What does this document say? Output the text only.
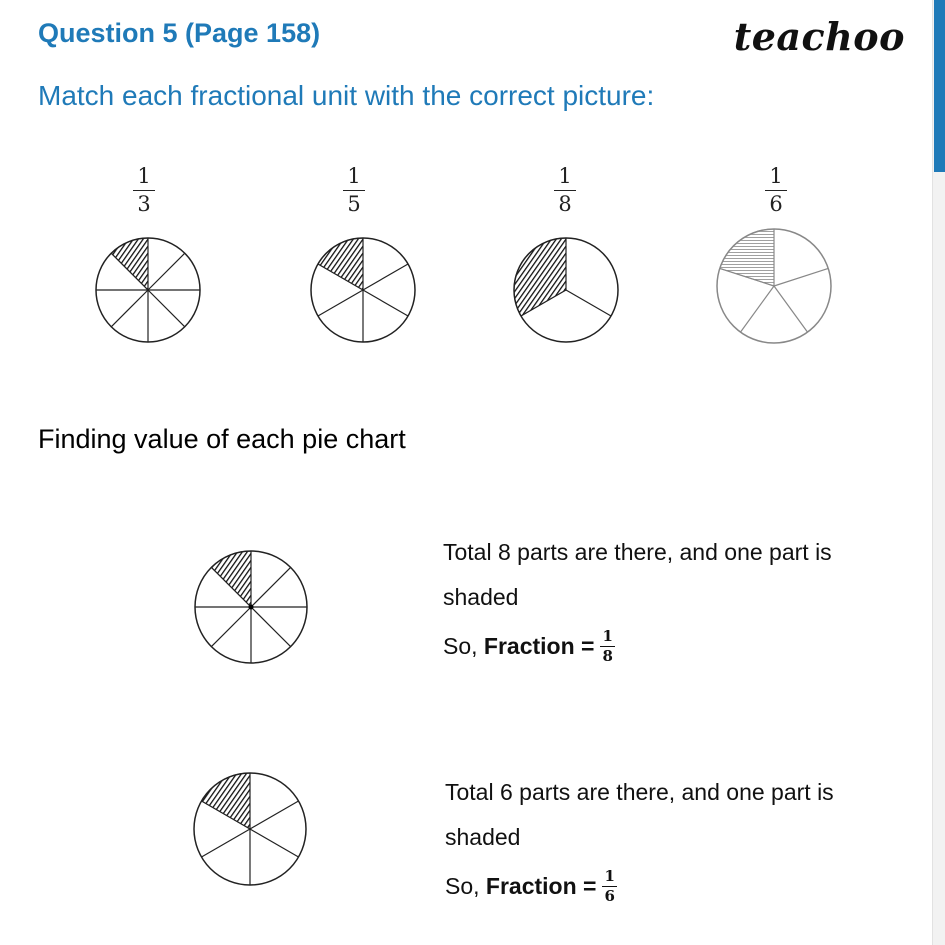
Question 5 (Page 158)	teachoo
Match each fractional unit with the correct picture:
$\frac{1}{3}$	$\frac{1}{5}$	$\frac{1}{8}$	$\frac{1}{6}$
Finding value of each pie chart
Total 8 parts are there, and one part is
shaded
So,
Fraction = $\frac{1}{8}$
Total 6 parts are there, and one part is
shaded
So,
Fraction = $\frac{1}{6}$
